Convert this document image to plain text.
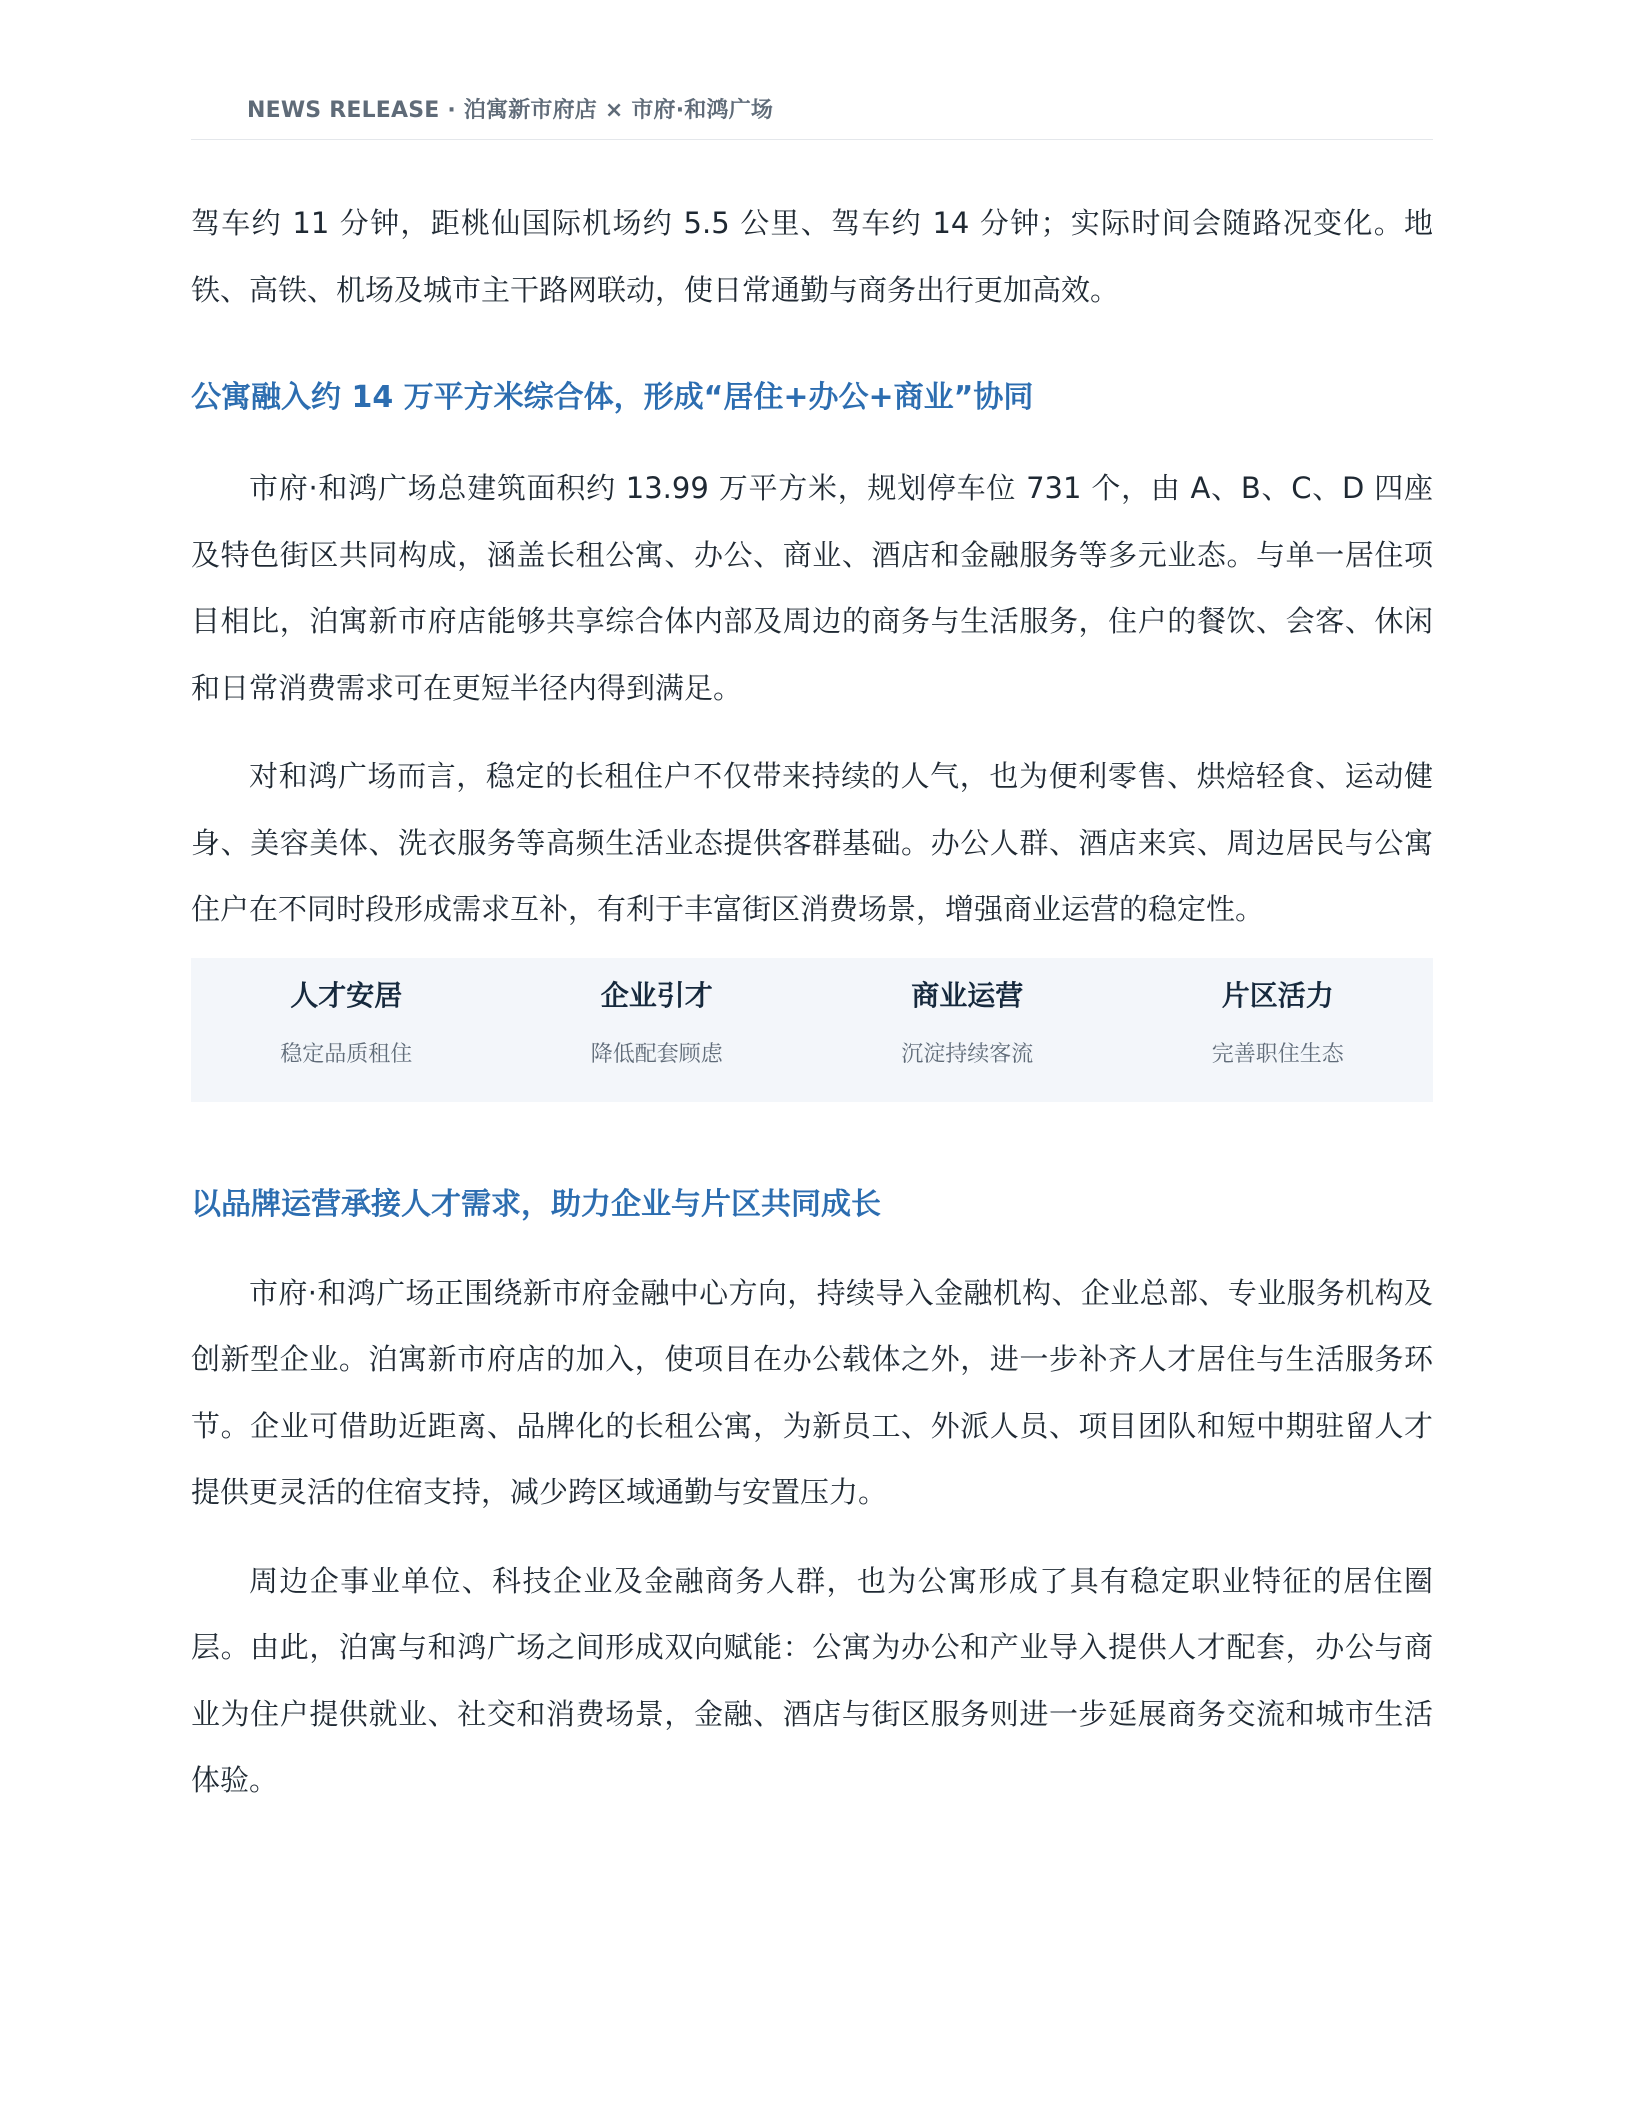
NEWS RELEASE · 泊寓新市府店 × 市府·和鸿广场

驾车约 11 分钟，距桃仙国际机场约 5.5 公里、驾车约 14 分钟；实际时间会随路况变化。地铁、高铁、机场及城市主干路网联动，使日常通勤与商务出行更加高效。

公寓融入约 14 万平方米综合体，形成“居住+办公+商业”协同

市府·和鸿广场总建筑面积约 13.99 万平方米，规划停车位 731 个，由 A、B、C、D 四座及特色街区共同构成，涵盖长租公寓、办公、商业、酒店和金融服务等多元业态。与单一居住项目相比，泊寓新市府店能够共享综合体内部及周边的商务与生活服务，住户的餐饮、会客、休闲和日常消费需求可在更短半径内得到满足。

对和鸿广场而言，稳定的长租住户不仅带来持续的人气，也为便利零售、烘焙轻食、运动健身、美容美体、洗衣服务等高频生活业态提供客群基础。办公人群、酒店来宾、周边居民与公寓住户在不同时段形成需求互补，有利于丰富街区消费场景，增强商业运营的稳定性。

人才安居
稳定品质租住
企业引才
降低配套顾虑
商业运营
沉淀持续客流
片区活力
完善职住生态
以品牌运营承接人才需求，助力企业与片区共同成长

市府·和鸿广场正围绕新市府金融中心方向，持续导入金融机构、企业总部、专业服务机构及创新型企业。泊寓新市府店的加入，使项目在办公载体之外，进一步补齐人才居住与生活服务环节。企业可借助近距离、品牌化的长租公寓，为新员工、外派人员、项目团队和短中期驻留人才提供更灵活的住宿支持，减少跨区域通勤与安置压力。

周边企事业单位、科技企业及金融商务人群，也为公寓形成了具有稳定职业特征的居住圈层。由此，泊寓与和鸿广场之间形成双向赋能：公寓为办公和产业导入提供人才配套，办公与商业为住户提供就业、社交和消费场景，金融、酒店与街区服务则进一步延展商务交流和城市生活体验。
